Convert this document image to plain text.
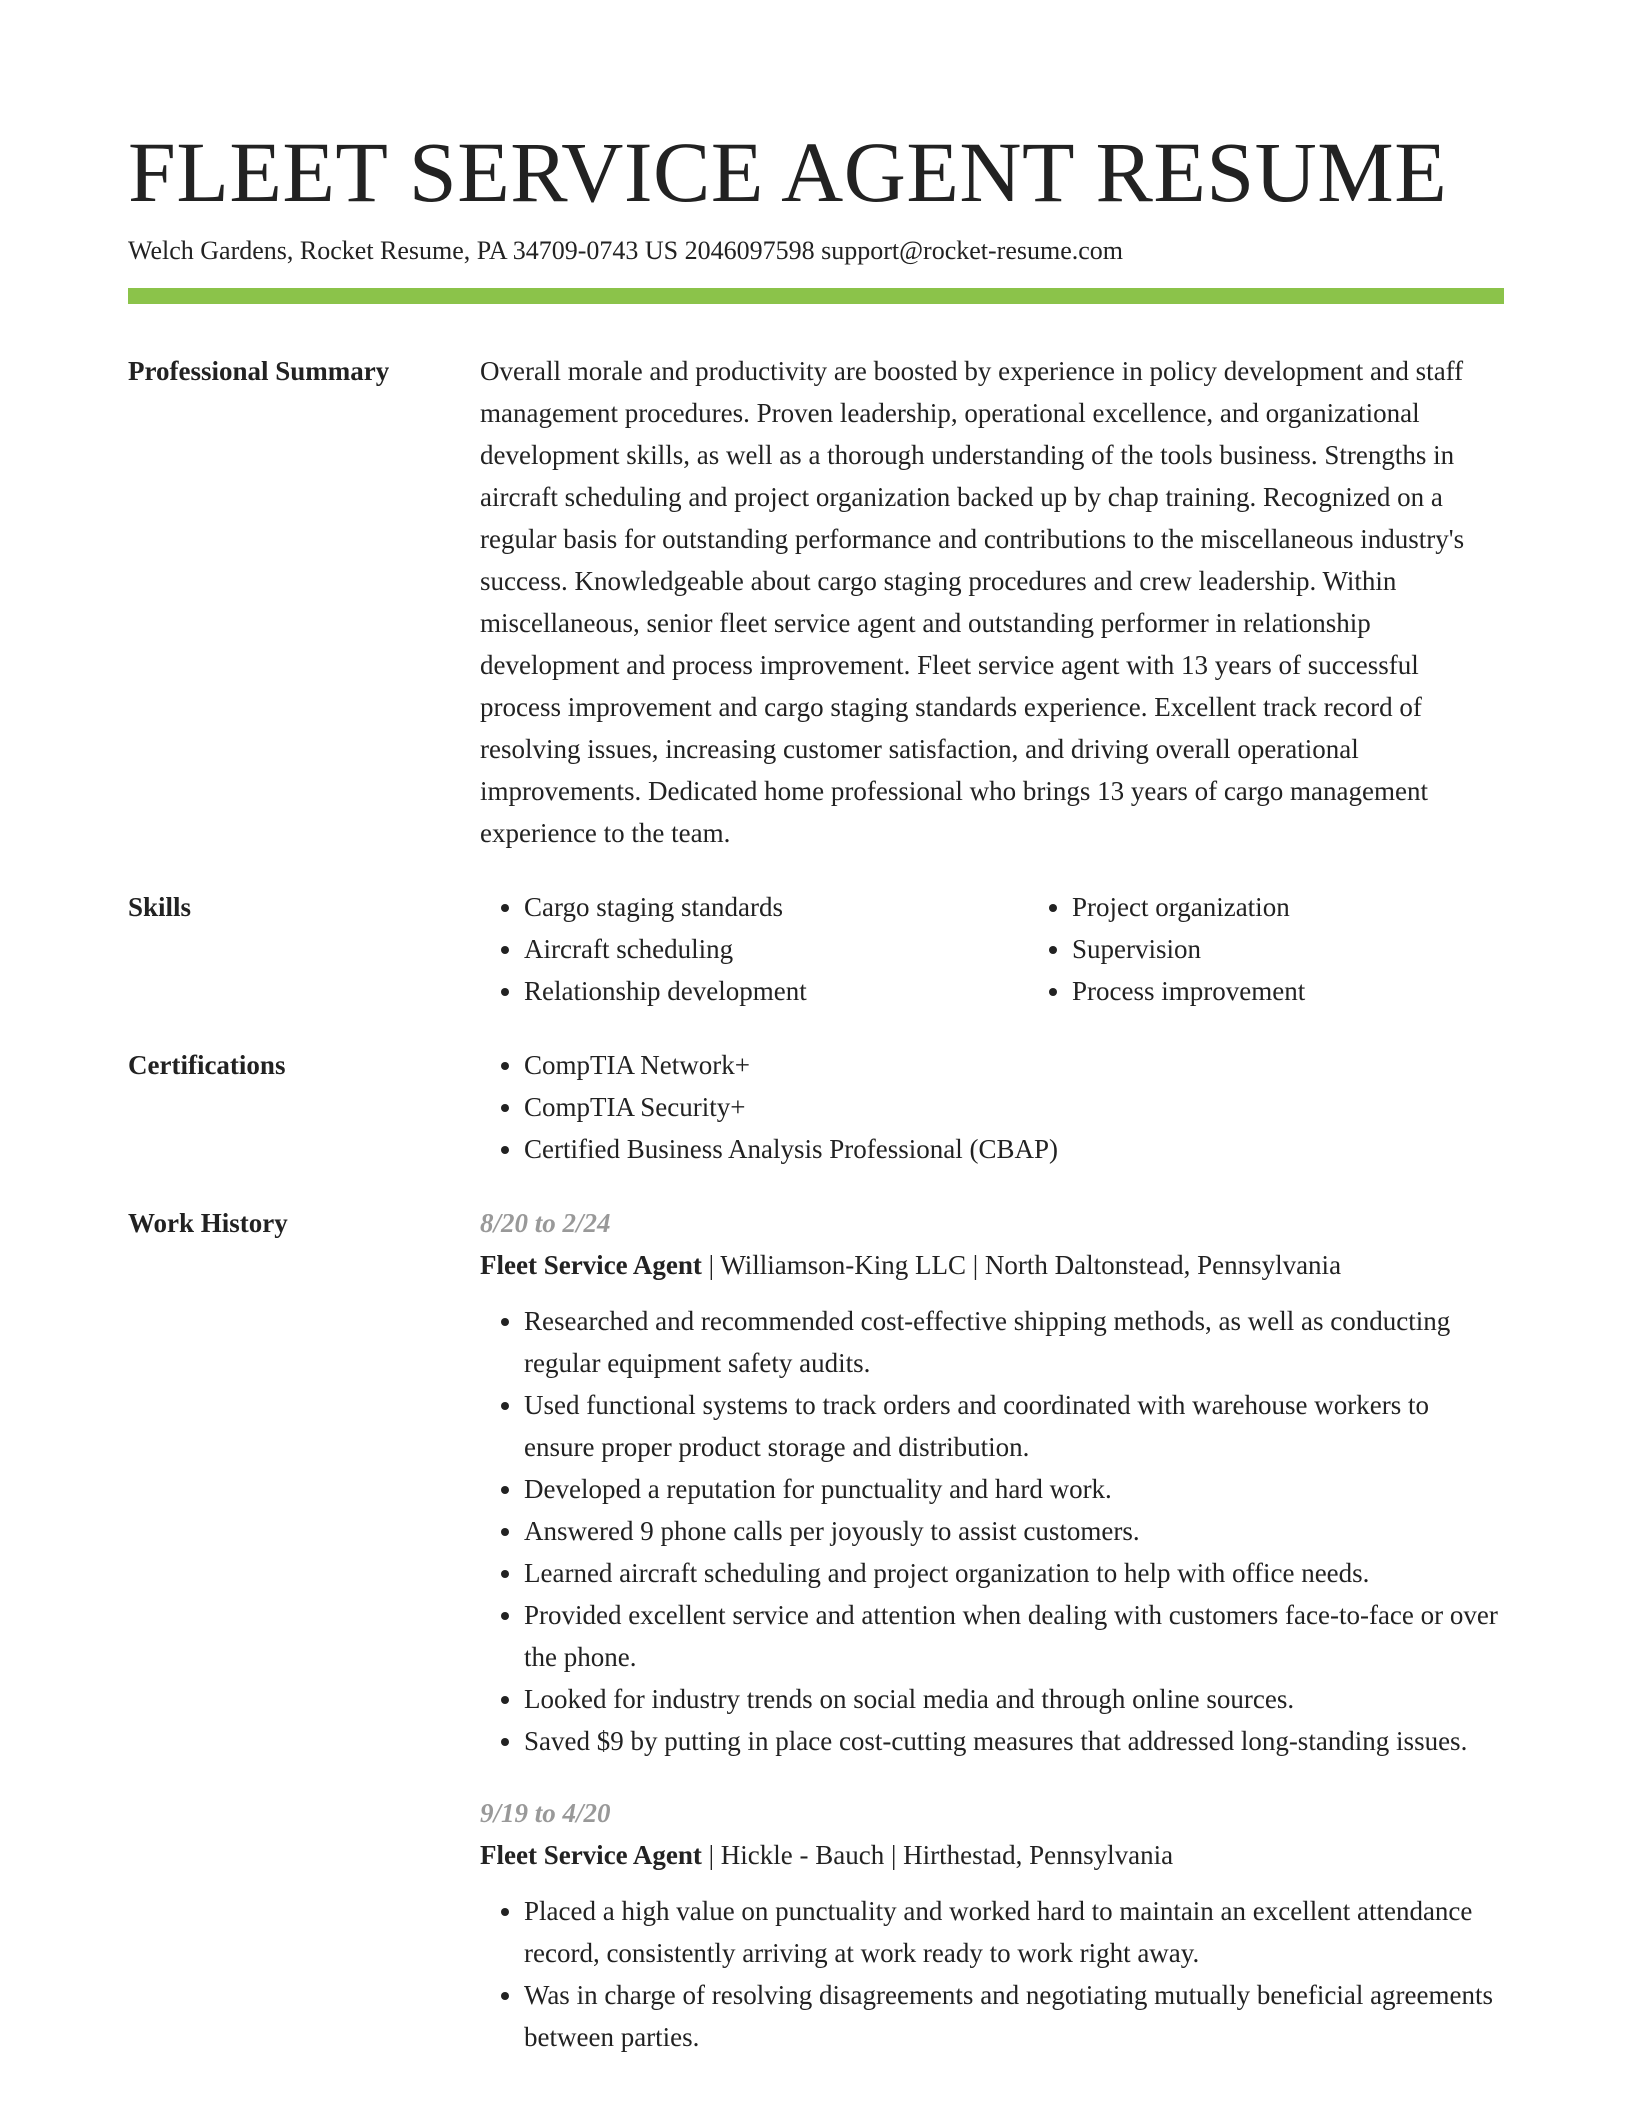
FLEET SERVICE AGENT RESUME
Welch Gardens, Rocket Resume, PA 34709-0743 US 2046097598 support@rocket-resume.com
Professional Summary	Overall morale and productivity are boosted by experience in policy development and staff management procedures. Proven leadership, operational excellence, and organizational development skills, as well as a thorough understanding of the tools business. Strengths in aircraft scheduling and project organization backed up by chap training. Recognized on a regular basis for outstanding performance and contributions to the miscellaneous industry's success. Knowledgeable about cargo staging procedures and crew leadership. Within miscellaneous, senior fleet service agent and outstanding performer in relationship development and process improvement. Fleet service agent with 13 years of successful process improvement and cargo staging standards experience. Excellent track record of resolving issues, increasing customer satisfaction, and driving overall operational improvements. Dedicated home professional who brings 13 years of cargo management experience to the team.

Skills	• Cargo staging standards
• Aircraft scheduling
• Relationship development
• Project organization
• Supervision
• Process improvement
Certifications	• CompTIA Network+
• CompTIA Security+
• Certified Business Analysis Professional (CBAP)
Work History	8/20 to 2/24
Fleet Service Agent | Williamson-King LLC | North Daltonstead, Pennsylvania
• Researched and recommended cost-effective shipping methods, as well as conducting regular equipment safety audits.
• Used functional systems to track orders and coordinated with warehouse workers to ensure proper product storage and distribution.
• Developed a reputation for punctuality and hard work.
• Answered 9 phone calls per joyously to assist customers.
• Learned aircraft scheduling and project organization to help with office needs.
• Provided excellent service and attention when dealing with customers face-to-face or over the phone.
• Looked for industry trends on social media and through online sources.
• Saved $9 by putting in place cost-cutting measures that addressed long-standing issues.
9/19 to 4/20
Fleet Service Agent | Hickle - Bauch | Hirthestad, Pennsylvania
• Placed a high value on punctuality and worked hard to maintain an excellent attendance record, consistently arriving at work ready to work right away.
• Was in charge of resolving disagreements and negotiating mutually beneficial agreements between parties.
